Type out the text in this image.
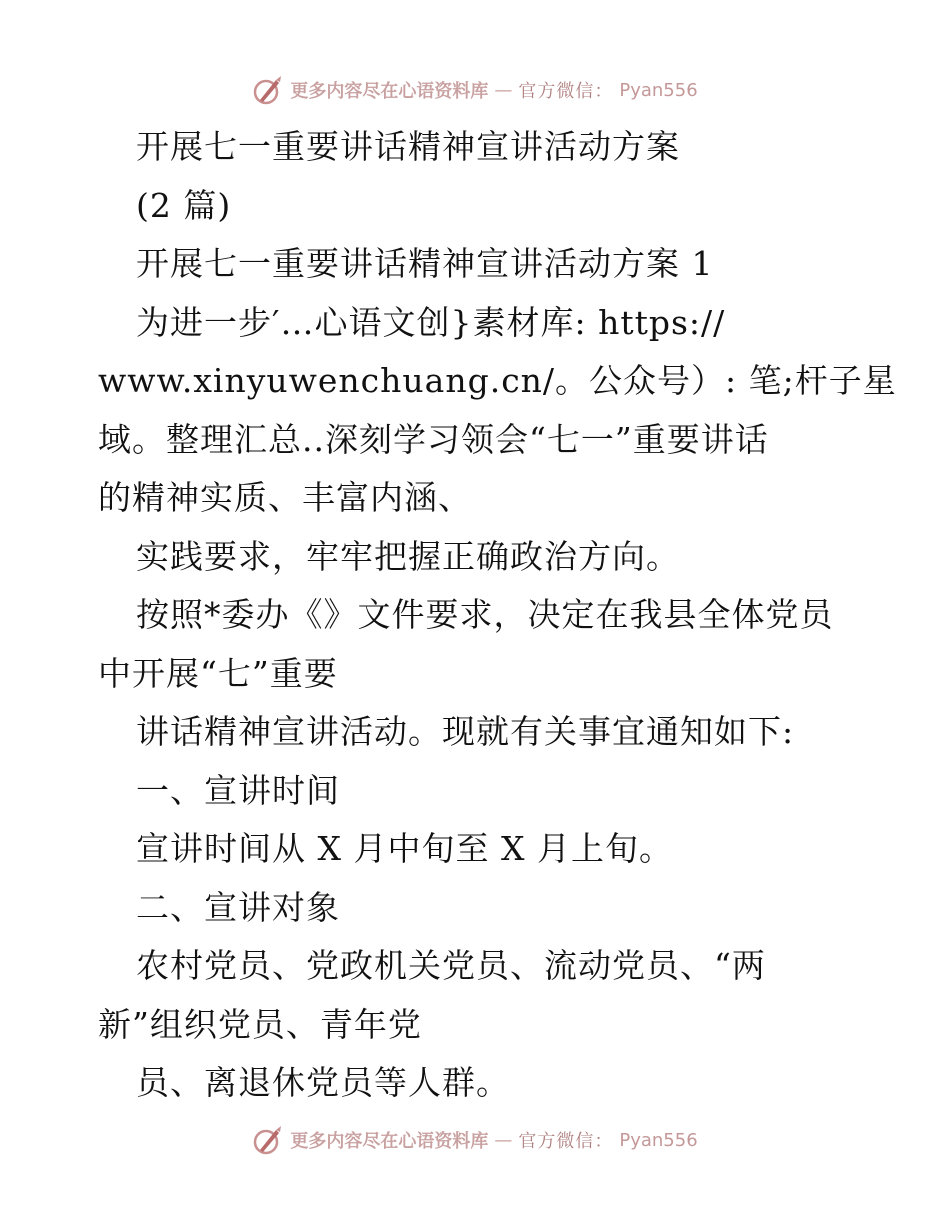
更多内容尽在心语资料库 — 官方微信： Pyan556
开展七一重要讲话精神宣讲活动方案
(2 篇)
开展七一重要讲话精神宣讲活动方案 1
为进一步′…心语文创}素材库: https://
www.xinyuwenchuang.cn/。公众号）: 笔;杆子星
域。整理汇总..深刻学习领会“七一”重要讲话
的精神实质、丰富内涵、
实践要求，牢牢把握正确政治方向。
按照*委办《》文件要求，决定在我县全体党员
中开展“七”重要
讲话精神宣讲活动。现就有关事宜通知如下:
一、宣讲时间
宣讲时间从 X 月中旬至 X 月上旬。
二、宣讲对象
农村党员、党政机关党员、流动党员、“两
新”组织党员、青年党
员、离退休党员等人群。
更多内容尽在心语资料库 — 官方微信： Pyan556
